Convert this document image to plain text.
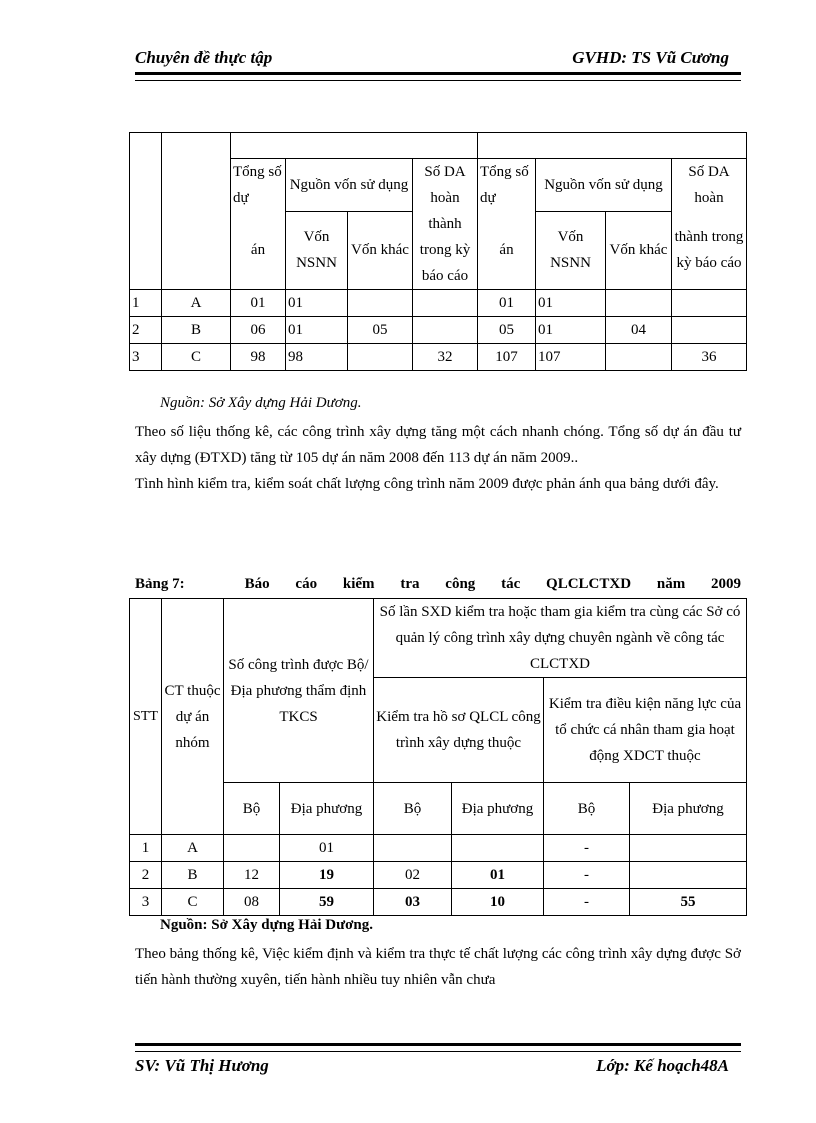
Chuyên đề thực tập	GVHD: TS Vũ Cương

		Tổng số dự	Nguồn vốn sử dụng		Số DA hoàn	Tổng số dự	Nguồn vốn sử dụng		Số DA hoàn
		án	Vốn NSNN	Vốn khác	thành trong kỳ báo cáo	án	Vốn NSNN	Vốn khác	thành trong kỳ báo cáo

1	A	01	01			01	01		
2	B	06	01	05		05	01	04	
3	C	98	98		32	107	107		36
Nguồn: Sở Xây dựng Hải Dương.

Theo số liệu thống kê, các công trình xây dựng tăng một cách nhanh chóng. Tổng số dự án đầu tư xây dựng (ĐTXD) tăng từ 105 dự án năm 2008 đến 113 dự án năm 2009..

Tình hình kiểm tra, kiểm soát chất lượng công trình năm 2009 được phản ánh qua bảng dưới đây.

Bảng 7:	Báo cáo kiểm tra công tác QLCLCTXD năm 2009
STT	CT thuộc dự án nhóm	Số công trình được Bộ/ Địa phương thẩm định TKCS		Số lần SXD kiểm tra hoặc tham gia kiểm tra cùng các Sở có quản lý công trình xây dựng chuyên ngành về công tác CLCTXD			
				Kiểm tra hồ sơ QLCL công trình xây dựng thuộc		Kiểm tra điều kiện năng lực của tổ chức cá nhân tham gia hoạt động XDCT thuộc	
		Bộ	Địa phương	Bộ	Địa phương	Bộ	Địa phương
1	A		01			-	
2	B	12	19	02	01	-	
3	C	08	59	03	10	-	55
Nguồn: Sở Xây dựng Hải Dương.

Theo bảng thống kê, Việc kiểm định và kiểm tra thực tế chất lượng các công trình xây dựng được Sở tiến hành thường xuyên, tiến hành nhiều tuy nhiên vẫn chưa

SV: Vũ Thị Hương	Lớp: Kế hoạch48A
